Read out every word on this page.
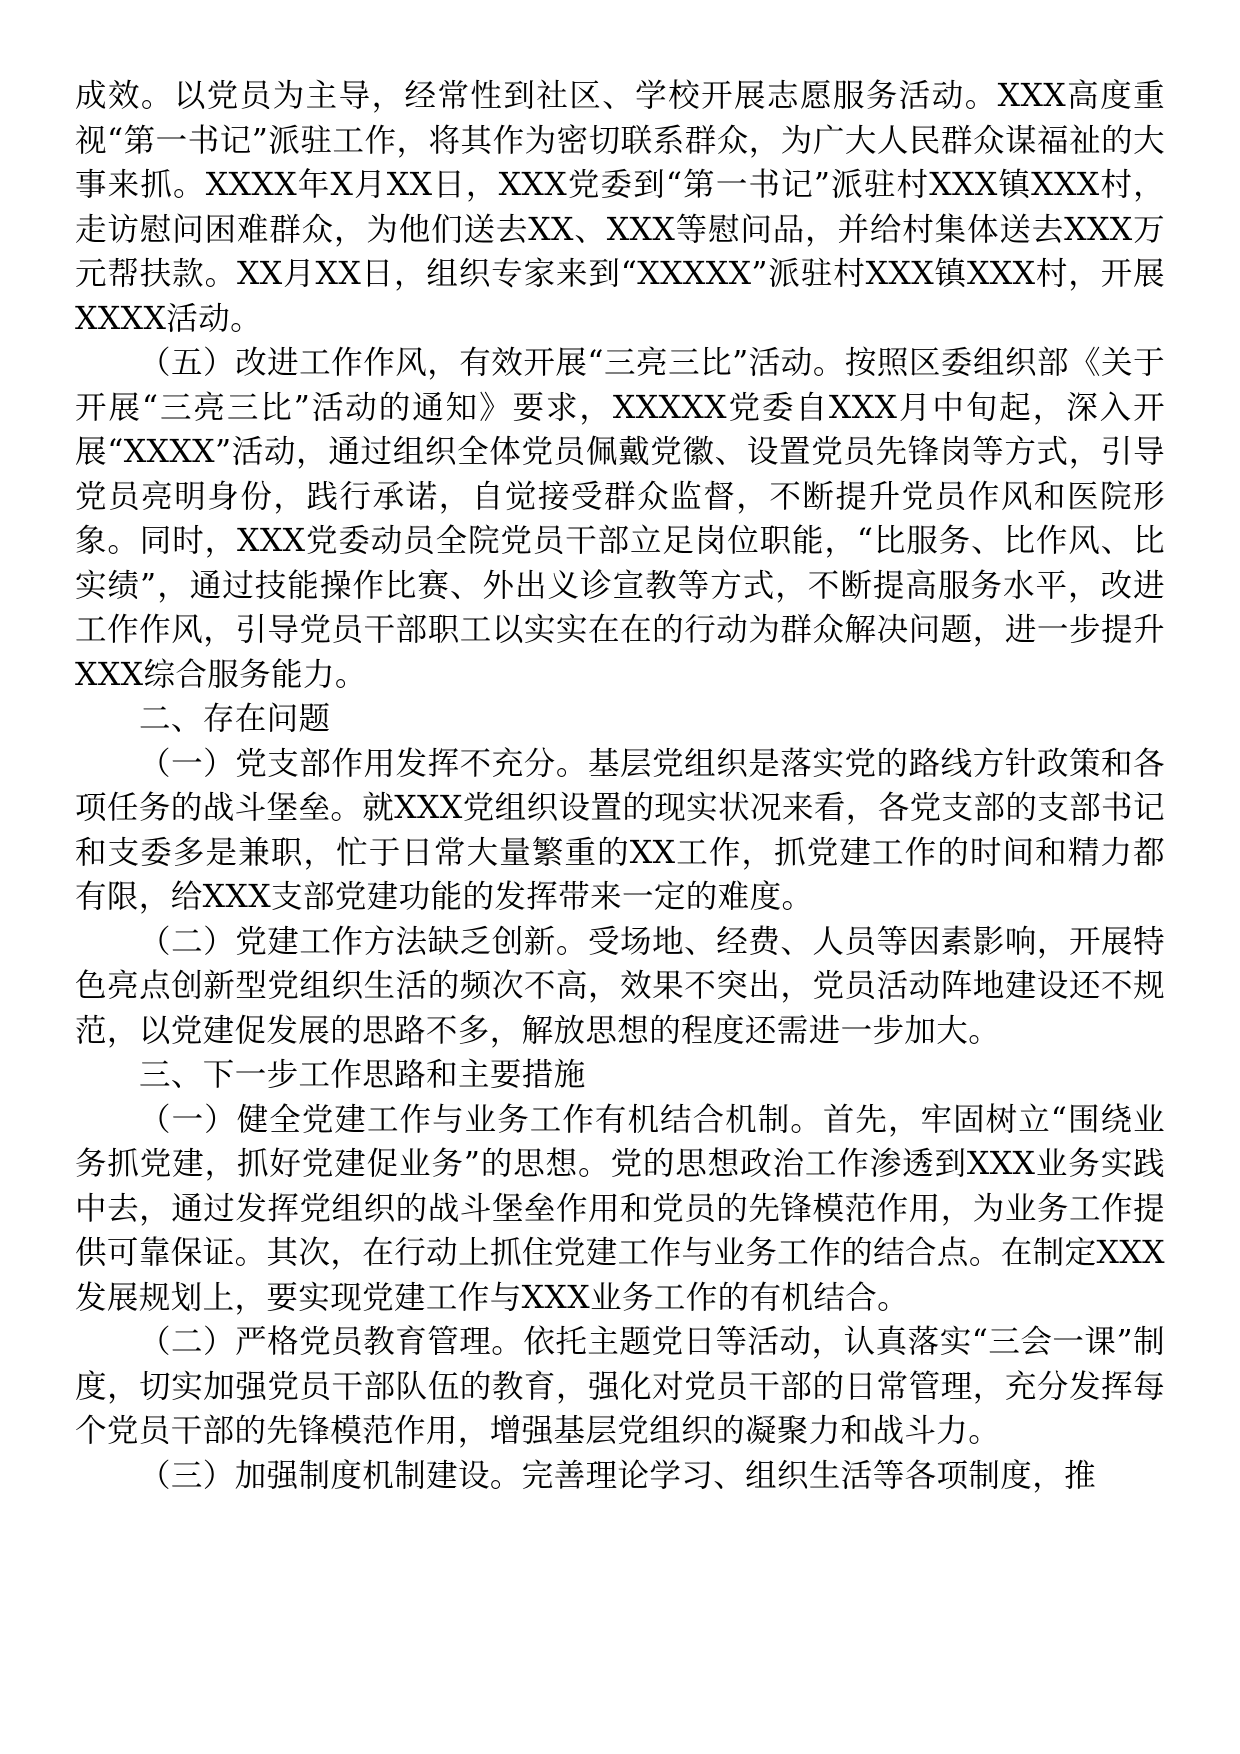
成效。以党员为主导，经常性到社区、学校开展志愿服务活动。XXX高度重视“第一书记”派驻工作，将其作为密切联系群众，为广大人民群众谋福祉的大事来抓。XXXX年X月XX日，XXX党委到“第一书记”派驻村XXX镇XXX村，走访慰问困难群众，为他们送去XX、XXX等慰问品，并给村集体送去XXX万元帮扶款。XX月XX日，组织专家来到“XXXXX”派驻村XXX镇XXX村，开展XXXX活动。

（五）改进工作作风，有效开展“三亮三比”活动。按照区委组织部《关于开展“三亮三比”活动的通知》要求，XXXXX党委自XXX月中旬起，深入开展“XXXX”活动，通过组织全体党员佩戴党徽、设置党员先锋岗等方式，引导党员亮明身份，践行承诺，自觉接受群众监督，不断提升党员作风和医院形象。同时，XXX党委动员全院党员干部立足岗位职能，“比服务、比作风、比实绩”，通过技能操作比赛、外出义诊宣教等方式，不断提高服务水平，改进工作作风，引导党员干部职工以实实在在的行动为群众解决问题，进一步提升XXX综合服务能力。

二、存在问题

（一）党支部作用发挥不充分。基层党组织是落实党的路线方针政策和各项任务的战斗堡垒。就XXX党组织设置的现实状况来看，各党支部的支部书记和支委多是兼职，忙于日常大量繁重的XX工作，抓党建工作的时间和精力都有限，给XXX支部党建功能的发挥带来一定的难度。

（二）党建工作方法缺乏创新。受场地、经费、人员等因素影响，开展特色亮点创新型党组织生活的频次不高，效果不突出，党员活动阵地建设还不规范，以党建促发展的思路不多，解放思想的程度还需进一步加大。

三、下一步工作思路和主要措施

（一）健全党建工作与业务工作有机结合机制。首先，牢固树立“围绕业务抓党建，抓好党建促业务”的思想。党的思想政治工作渗透到XXX业务实践中去，通过发挥党组织的战斗堡垒作用和党员的先锋模范作用，为业务工作提供可靠保证。其次，在行动上抓住党建工作与业务工作的结合点。在制定XXX发展规划上，要实现党建工作与XXX业务工作的有机结合。

（二）严格党员教育管理。依托主题党日等活动，认真落实“三会一课”制度，切实加强党员干部队伍的教育，强化对党员干部的日常管理，充分发挥每个党员干部的先锋模范作用，增强基层党组织的凝聚力和战斗力。

（三）加强制度机制建设。完善理论学习、组织生活等各项制度，推
